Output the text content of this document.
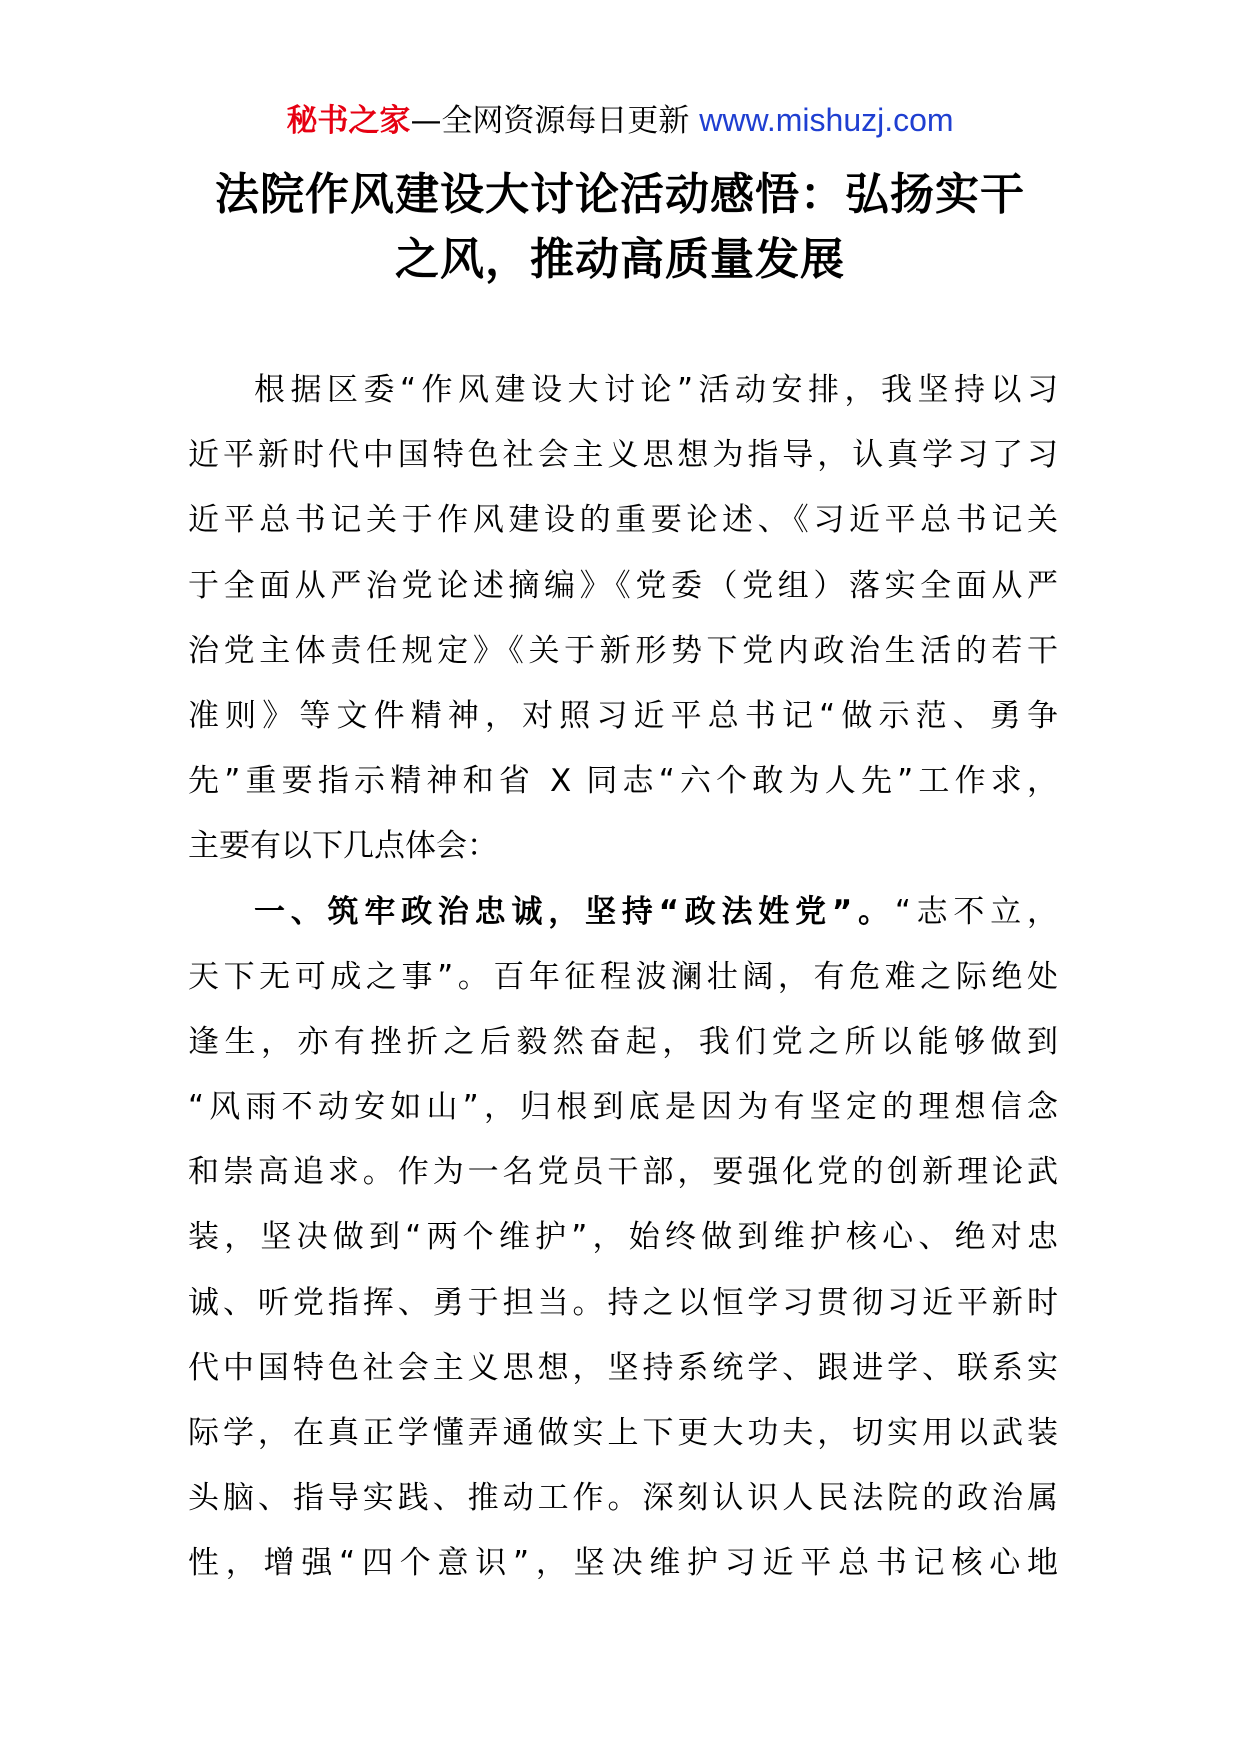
秘书之家—全网资源每日更新 www.mishuzj.com
法院作风建设大讨论活动感悟：弘扬实干
之风，推动高质量发展
根据区委“作风建设大讨论”活动安排，我坚持以习
近平新时代中国特色社会主义思想为指导，认真学习了习
近平总书记关于作风建设的重要论述、《习近平总书记关
于全面从严治党论述摘编》《党委（党组）落实全面从严
治党主体责任规定》《关于新形势下党内政治生活的若干
准则》等文件精神，对照习近平总书记“做示范、勇争
先”重要指示精神和省 X 同志“六个敢为人先”工作求，
主要有以下几点体会：
一、筑牢政治忠诚，坚持“政法姓党”。“志不立，
天下无可成之事”。百年征程波澜壮阔，有危难之际绝处
逢生，亦有挫折之后毅然奋起，我们党之所以能够做到
“风雨不动安如山”，归根到底是因为有坚定的理想信念
和崇高追求。作为一名党员干部，要强化党的创新理论武
装，坚决做到“两个维护”，始终做到维护核心、绝对忠
诚、听党指挥、勇于担当。持之以恒学习贯彻习近平新时
代中国特色社会主义思想，坚持系统学、跟进学、联系实
际学，在真正学懂弄通做实上下更大功夫，切实用以武装
头脑、指导实践、推动工作。深刻认识人民法院的政治属
性，增强“四个意识”，坚决维护习近平总书记核心地
